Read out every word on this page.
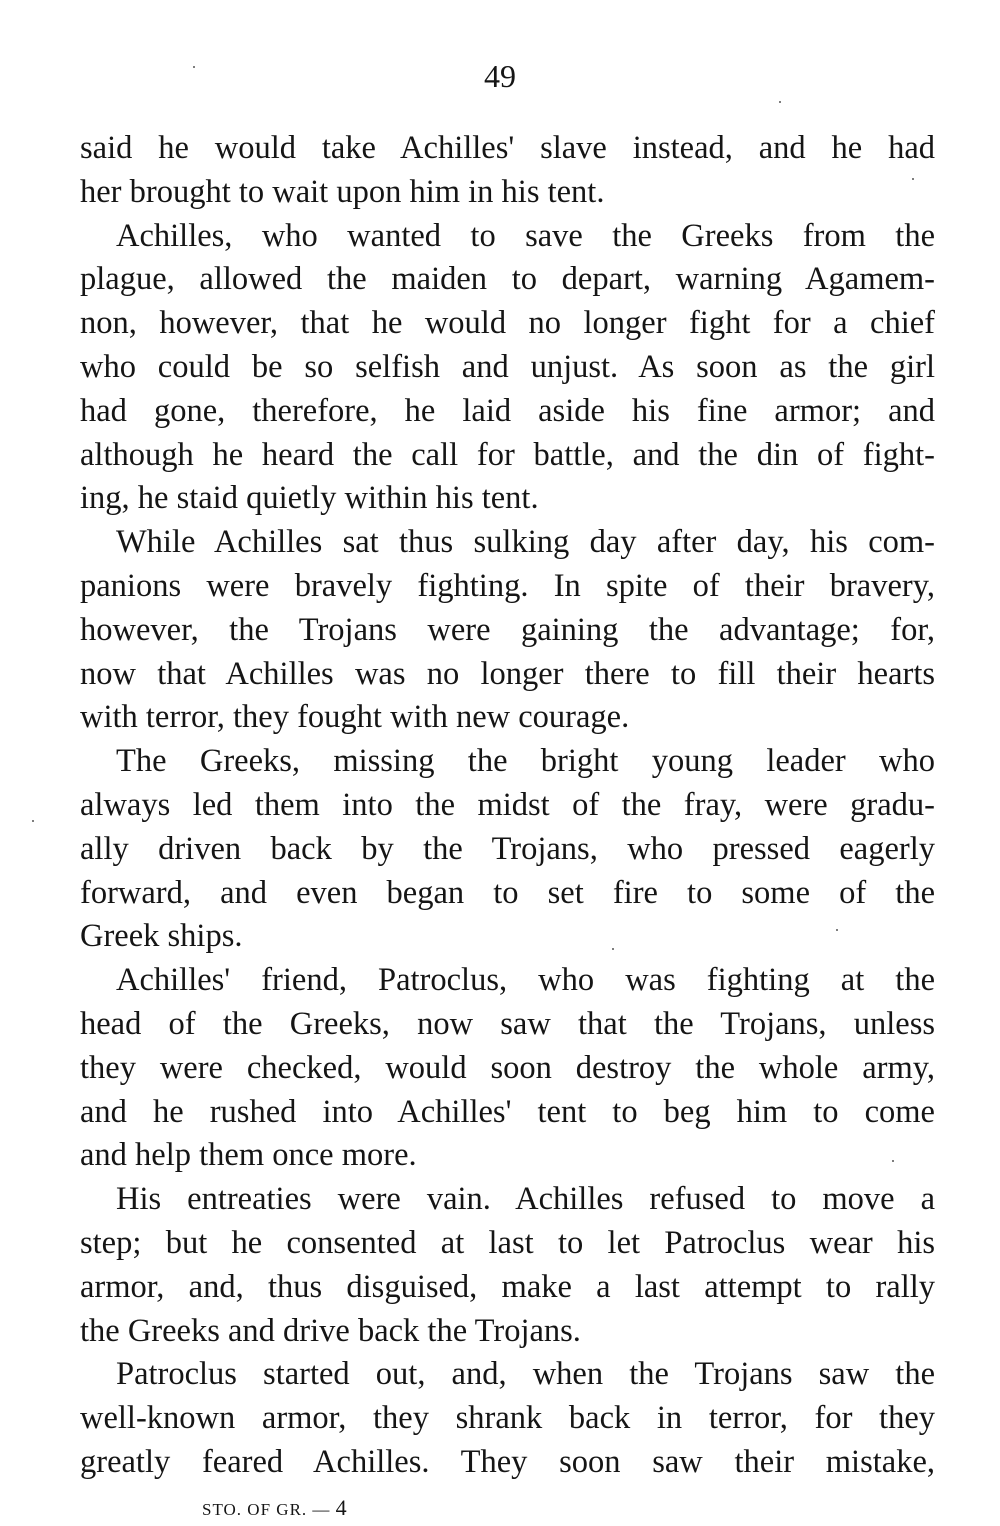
49
said he would take Achilles' slave instead, and he had
her brought to wait upon him in his tent.
Achilles, who wanted to save the Greeks from the
plague, allowed the maiden to depart, warning Agamem-
non, however, that he would no longer fight for a chief
who could be so selfish and unjust. As soon as the girl
had gone, therefore, he laid aside his fine armor; and
although he heard the call for battle, and the din of fight-
ing, he staid quietly within his tent.
While Achilles sat thus sulking day after day, his com-
panions were bravely fighting. In spite of their bravery,
however, the Trojans were gaining the advantage; for,
now that Achilles was no longer there to fill their hearts
with terror, they fought with new courage.
The Greeks, missing the bright young leader who
always led them into the midst of the fray, were gradu-
ally driven back by the Trojans, who pressed eagerly
forward, and even began to set fire to some of the
Greek ships.
Achilles' friend, Patroclus, who was fighting at the
head of the Greeks, now saw that the Trojans, unless
they were checked, would soon destroy the whole army,
and he rushed into Achilles' tent to beg him to come
and help them once more.
His entreaties were vain. Achilles refused to move a
step; but he consented at last to let Patroclus wear his
armor, and, thus disguised, make a last attempt to rally
the Greeks and drive back the Trojans.
Patroclus started out, and, when the Trojans saw the
well-known armor, they shrank back in terror, for they
greatly feared Achilles. They soon saw their mistake,
STO. OF GR. — 4
